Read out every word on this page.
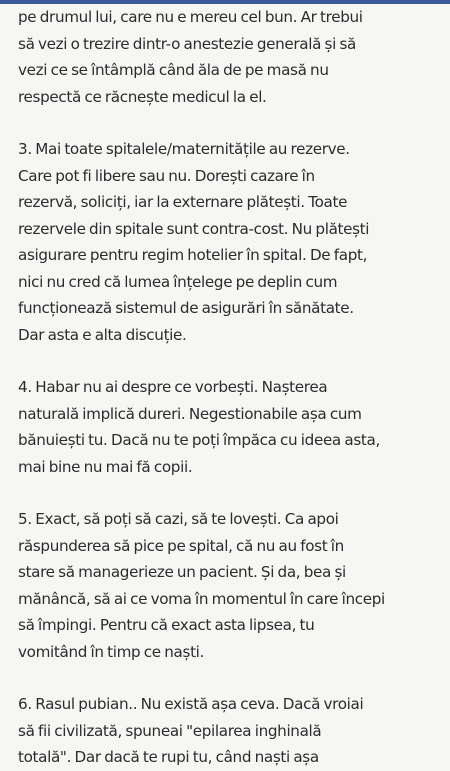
pe drumul lui, care nu e mereu cel bun. Ar trebui
să vezi o trezire dintr-o anestezie generală și să
vezi ce se întâmplă când ăla de pe masă nu
respectă ce răcnește medicul la el.

3. Mai toate spitalele/maternitățile au rezerve.
Care pot fi libere sau nu. Dorești cazare în
rezervă, soliciți, iar la externare plătești. Toate
rezervele din spitale sunt contra-cost. Nu plătești
asigurare pentru regim hotelier în spital. De fapt,
nici nu cred că lumea înțelege pe deplin cum
funcționează sistemul de asigurări în sănătate.
Dar asta e alta discuție.

4. Habar nu ai despre ce vorbești. Nașterea
naturală implică dureri. Negestionabile așa cum
bănuiești tu. Dacă nu te poți împăca cu ideea asta,
mai bine nu mai fă copii.

5. Exact, să poți să cazi, să te lovești. Ca apoi
răspunderea să pice pe spital, că nu au fost în
stare să managerieze un pacient. Și da, bea și
mănâncă, să ai ce voma în momentul în care începi
să împingi. Pentru că exact asta lipsea, tu
vomitând în timp ce naști.

6. Rasul pubian.. Nu există așa ceva. Dacă vroiai
să fii civilizată, spuneai "epilarea inghinală
totală". Dar dacă te rupi tu, când naști așa
